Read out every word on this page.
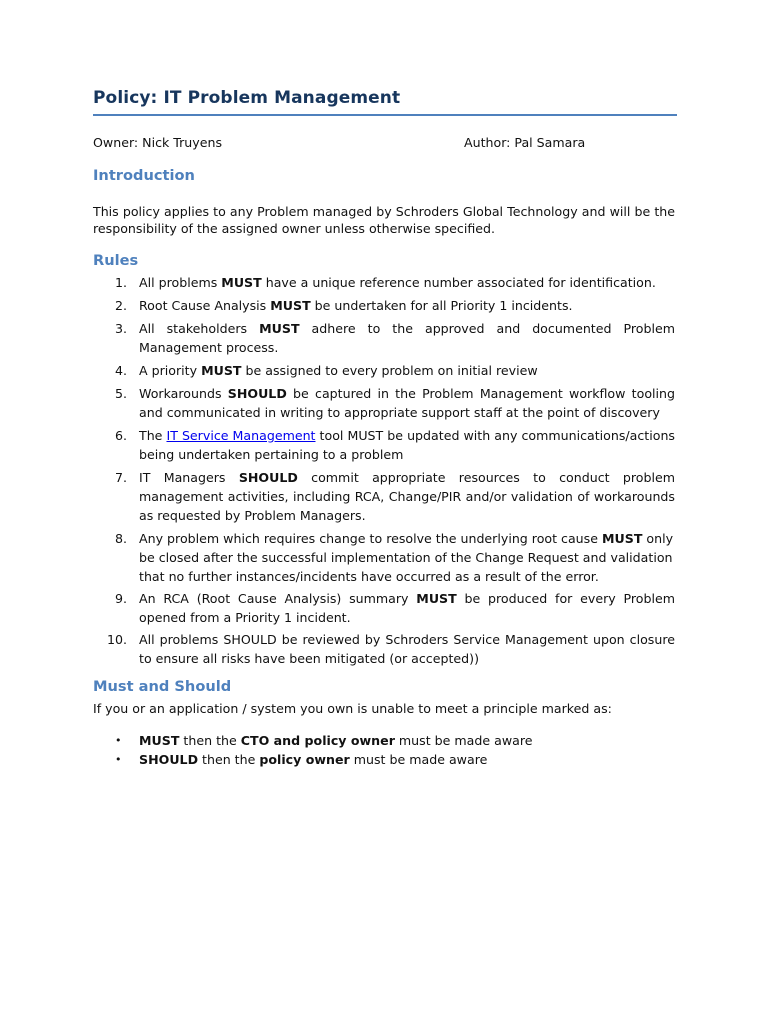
Policy: IT Problem Management
Owner: Nick Truyens	Author: Pal Samara
Introduction
This policy applies to any Problem managed by Schroders Global Technology and will be the responsibility of the assigned owner unless otherwise specified.
Rules
1. All problems MUST have a unique reference number associated for identification.
2. Root Cause Analysis MUST be undertaken for all Priority 1 incidents.
3. All stakeholders MUST adhere to the approved and documented Problem Management process.
4. A priority MUST be assigned to every problem on initial review
5. Workarounds SHOULD be captured in the Problem Management workflow tooling and communicated in writing to appropriate support staff at the point of discovery
6. The IT Service Management tool MUST be updated with any communications/actions being undertaken pertaining to a problem
7. IT Managers SHOULD commit appropriate resources to conduct problem management activities, including RCA, Change/PIR and/or validation of workarounds as requested by Problem Managers.
8. Any problem which requires change to resolve the underlying root cause MUST only be closed after the successful implementation of the Change Request and validation that no further instances/incidents have occurred as a result of the error.
9. An RCA (Root Cause Analysis) summary MUST be produced for every Problem opened from a Priority 1 incident.
10. All problems SHOULD be reviewed by Schroders Service Management upon closure to ensure all risks have been mitigated (or accepted))
Must and Should
If you or an application / system you own is unable to meet a principle marked as:
• MUST then the CTO and policy owner must be made aware
• SHOULD then the policy owner must be made aware
